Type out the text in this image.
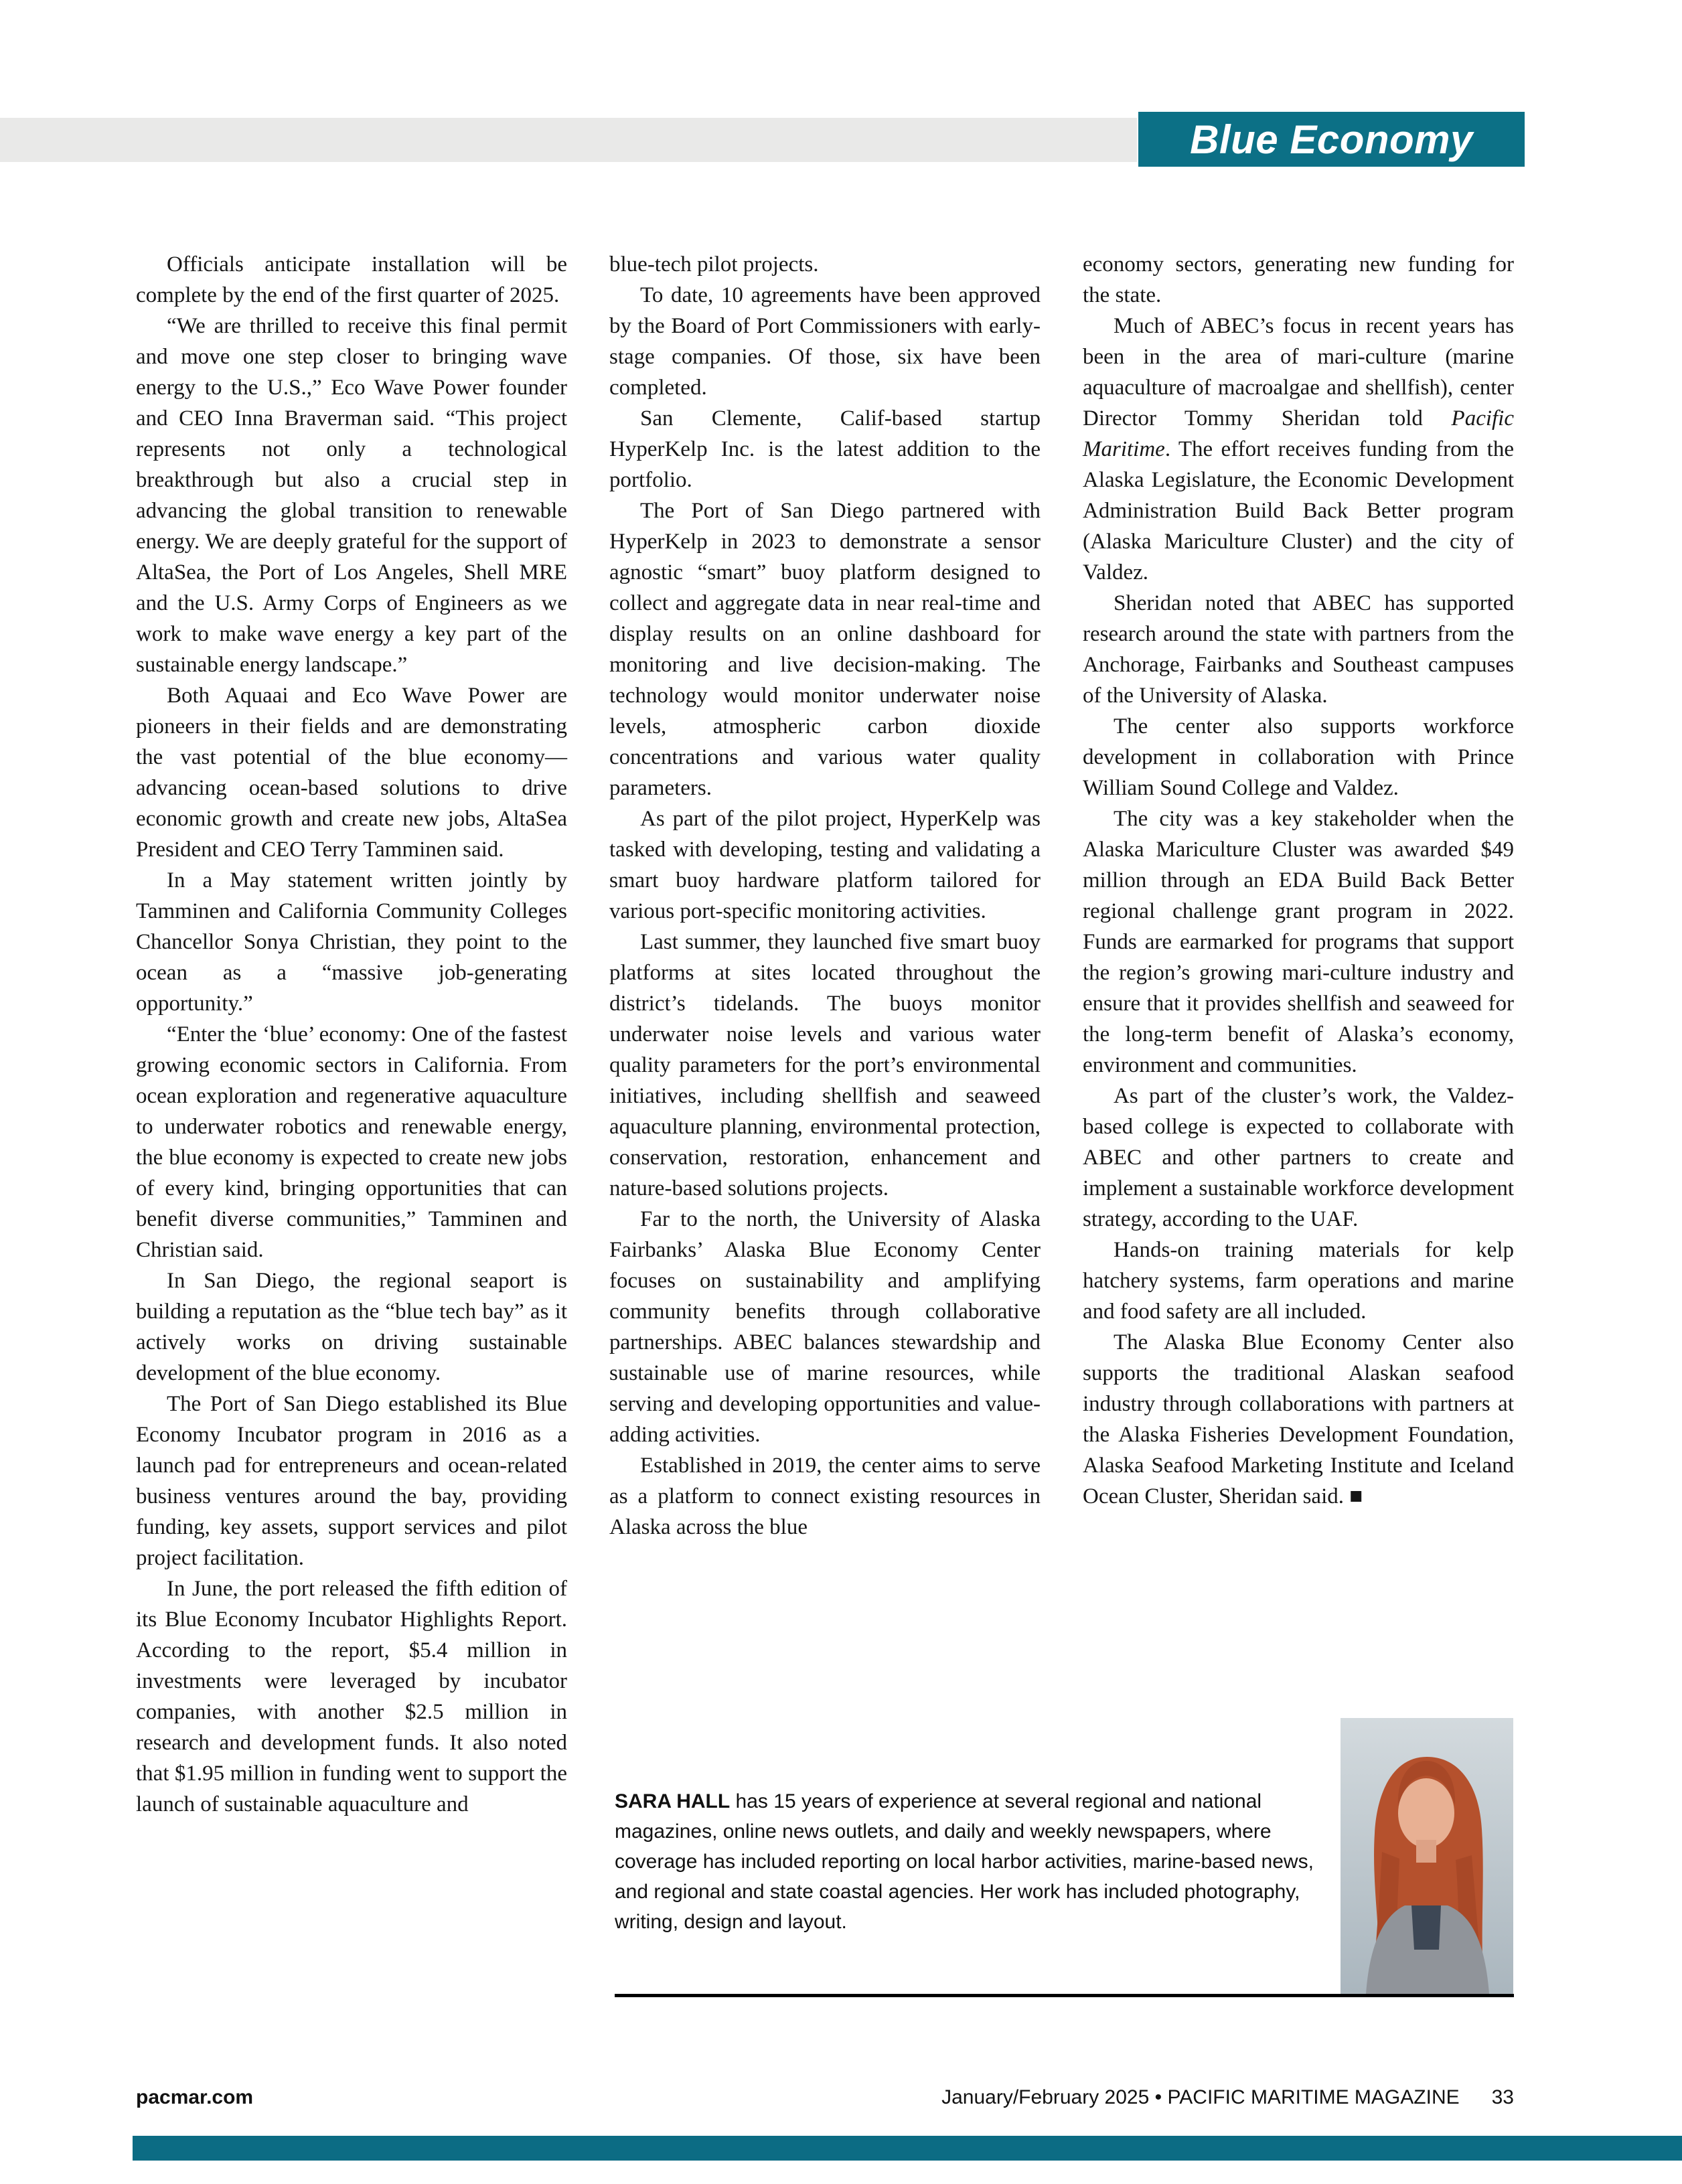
Blue Economy

Officials anticipate installation will be complete by the end of the first quarter of 2025.

“We are thrilled to receive this final permit and move one step closer to bringing wave energy to the U.S.,” Eco Wave Power founder and CEO Inna Braverman said. “This project represents not only a technological breakthrough but also a crucial step in advancing the global transition to renewable energy. We are deeply grateful for the support of AltaSea, the Port of Los Angeles, Shell MRE and the U.S. Army Corps of Engineers as we work to make wave energy a key part of the sustainable energy landscape.”

Both Aquaai and Eco Wave Power are pioneers in their fields and are demonstrating the vast potential of the blue economy—advancing ocean-based solutions to drive economic growth and create new jobs, AltaSea President and CEO Terry Tamminen said.

In a May statement written jointly by Tamminen and California Community Colleges Chancellor Sonya Christian, they point to the ocean as a “massive job-generating opportunity.”

“Enter the ‘blue’ economy: One of the fastest growing economic sectors in California. From ocean exploration and regenerative aquaculture to underwater robotics and renewable energy, the blue economy is expected to create new jobs of every kind, bringing opportunities that can benefit diverse communities,” Tamminen and Christian said.

In San Diego, the regional seaport is building a reputation as the “blue tech bay” as it actively works on driving sustainable development of the blue economy.

The Port of San Diego established its Blue Economy Incubator program in 2016 as a launch pad for entrepreneurs and ocean-related business ventures around the bay, providing funding, key assets, support services and pilot project facilitation.

In June, the port released the fifth edition of its Blue Economy Incubator Highlights Report. According to the report, $5.4 million in investments were leveraged by incubator companies, with another $2.5 million in research and development funds. It also noted that $1.95 million in funding went to support the launch of sustainable aquaculture and

blue-tech pilot projects.

To date, 10 agreements have been approved by the Board of Port Commissioners with early-stage companies. Of those, six have been completed.

San Clemente, Calif-based startup HyperKelp Inc. is the latest addition to the portfolio.

The Port of San Diego partnered with HyperKelp in 2023 to demonstrate a sensor agnostic “smart” buoy platform designed to collect and aggregate data in near real-time and display results on an online dashboard for monitoring and live decision-making. The technology would monitor underwater noise levels, atmospheric carbon dioxide concentrations and various water quality parameters.

As part of the pilot project, HyperKelp was tasked with developing, testing and validating a smart buoy hardware platform tailored for various port-specific monitoring activities.

Last summer, they launched five smart buoy platforms at sites located throughout the district’s tidelands. The buoys monitor underwater noise levels and various water quality parameters for the port’s environmental initiatives, including shellfish and seaweed aquaculture planning, environmental protection, conservation, restoration, enhancement and nature-based solutions projects.

Far to the north, the University of Alaska Fairbanks’ Alaska Blue Economy Center focuses on sustainability and amplifying community benefits through collaborative partnerships. ABEC balances stewardship and sustainable use of marine resources, while serving and developing opportunities and value-adding activities.

Established in 2019, the center aims to serve as a platform to connect existing resources in Alaska across the blue

economy sectors, generating new funding for the state.

Much of ABEC’s focus in recent years has been in the area of mari-culture (marine aquaculture of macroalgae and shellfish), center Director Tommy Sheridan told Pacific Maritime. The effort receives funding from the Alaska Legislature, the Economic Development Administration Build Back Better program (Alaska Mariculture Cluster) and the city of Valdez.

Sheridan noted that ABEC has supported research around the state with partners from the Anchorage, Fairbanks and Southeast campuses of the University of Alaska.

The center also supports workforce development in collaboration with Prince William Sound College and Valdez.

The city was a key stakeholder when the Alaska Mariculture Cluster was awarded $49 million through an EDA Build Back Better regional challenge grant program in 2022. Funds are earmarked for programs that support the region’s growing mari-culture industry and ensure that it provides shellfish and seaweed for the long-term benefit of Alaska’s economy, environment and communities.

As part of the cluster’s work, the Valdez-based college is expected to collaborate with ABEC and other partners to create and implement a sustainable workforce development strategy, according to the UAF.

Hands-on training materials for kelp hatchery systems, farm operations and marine and food safety are all included.

The Alaska Blue Economy Center also supports the traditional Alaskan seafood industry through collaborations with partners at the Alaska Fisheries Development Foundation, Alaska Seafood Marketing Institute and Iceland Ocean Cluster, Sheridan said. ■

SARA HALL has 15 years of experience at several regional and national magazines, online news outlets, and daily and weekly newspapers, where coverage has included reporting on local harbor activities, marine-based news, and regional and state coastal agencies. Her work has included photography, writing, design and layout.
pacmar.com	January/February 2025 • PACIFIC MARITIME MAGAZINE 33
